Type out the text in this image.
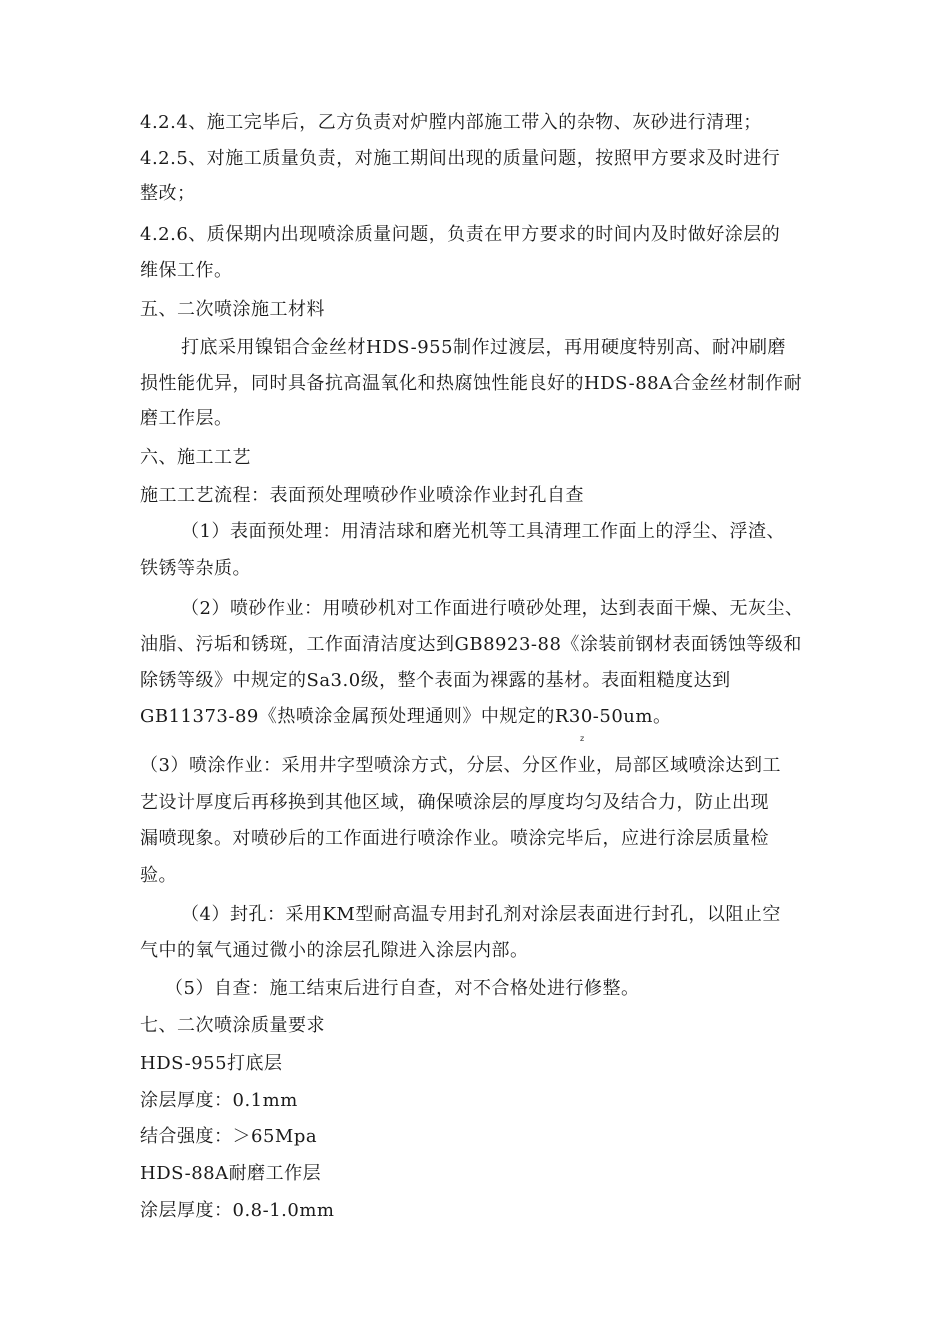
4.2.4、施工完毕后，乙方负责对炉膛内部施工带入的杂物、灰砂进行清理；
4.2.5、对施工质量负责，对施工期间出现的质量问题，按照甲方要求及时进行
整改；
4.2.6、质保期内出现喷涂质量问题，负责在甲方要求的时间内及时做好涂层的
维保工作。
五、二次喷涂施工材料
打底采用镍铝合金丝材HDS-955制作过渡层，再用硬度特别高、耐冲刷磨
损性能优异，同时具备抗高温氧化和热腐蚀性能良好的HDS-88A合金丝材制作耐
磨工作层。
六、施工工艺
施工工艺流程：表面预处理喷砂作业喷涂作业封孔自查
（1）表面预处理：用清洁球和磨光机等工具清理工作面上的浮尘、浮渣、
铁锈等杂质。
（2）喷砂作业：用喷砂机对工作面进行喷砂处理，达到表面干燥、无灰尘、
油脂、污垢和锈斑，工作面清洁度达到GB8923-88《涂装前钢材表面锈蚀等级和
除锈等级》中规定的Sa3.0级，整个表面为裸露的基材。表面粗糙度达到
GB11373-89《热喷涂金属预处理通则》中规定的R30-50um。
z
（3）喷涂作业：采用井字型喷涂方式，分层、分区作业，局部区域喷涂达到工
艺设计厚度后再移换到其他区域，确保喷涂层的厚度均匀及结合力，防止出现
漏喷现象。对喷砂后的工作面进行喷涂作业。喷涂完毕后，应进行涂层质量检
验。
（4）封孔：采用KM型耐高温专用封孔剂对涂层表面进行封孔，以阻止空
气中的氧气通过微小的涂层孔隙进入涂层内部。
（5）自查：施工结束后进行自查，对不合格处进行修整。
七、二次喷涂质量要求
HDS-955打底层
涂层厚度：0.1mm
结合强度：＞65Mpa
HDS-88A耐磨工作层
涂层厚度：0.8-1.0mm
